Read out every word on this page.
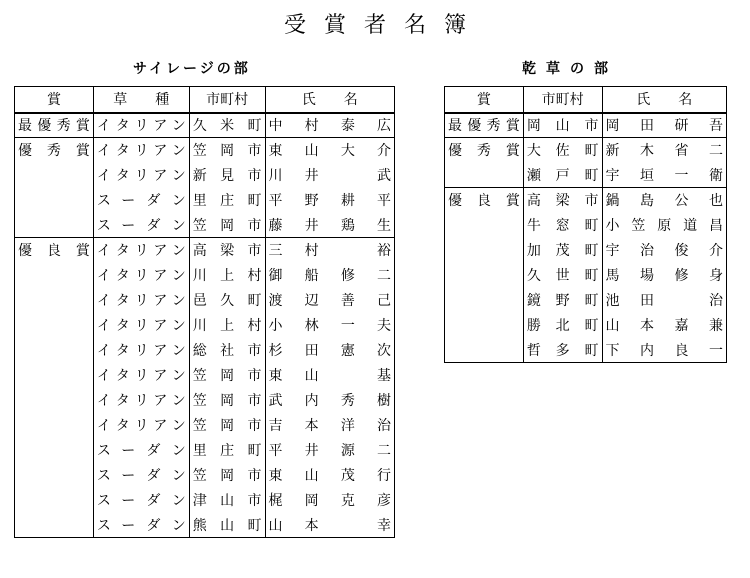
受賞者名簿
サイレージの部	乾草の部
賞	草　　種	市町村	氏　　名
最優秀賞	イタリアン	久米町	中村泰広
優秀賞	イタリアン	笠岡市	東山大介
	イタリアン	新見市	川井　武
	スーダン	里庄町	平野耕平
	スーダン	笠岡市	藤井鶏生
優良賞	イタリアン	高梁市	三村　裕
	イタリアン	川上村	御船修二
	イタリアン	邑久町	渡辺善己
	イタリアン	川上村	小林一夫
	イタリアン	総社市	杉田憲次
	イタリアン	笠岡市	東山　基
	イタリアン	笠岡市	武内秀樹
	イタリアン	笠岡市	吉本洋治
	スーダン	里庄町	平井源二
	スーダン	笠岡市	東山茂行
	スーダン	津山市	梶岡克彦
	スーダン	熊山町	山本　幸
賞	市町村	氏　　名
最優秀賞	岡山市	岡田研吾
優秀賞	大佐町	新木省二
	瀬戸町	宇垣一衛
優良賞	高梁市	鍋島公也
	牛窓町	小笠原道昌
	加茂町	宇治俊介
	久世町	馬場修身
	鏡野町	池田　治
	勝北町	山本嘉兼
	哲多町	下内良一
